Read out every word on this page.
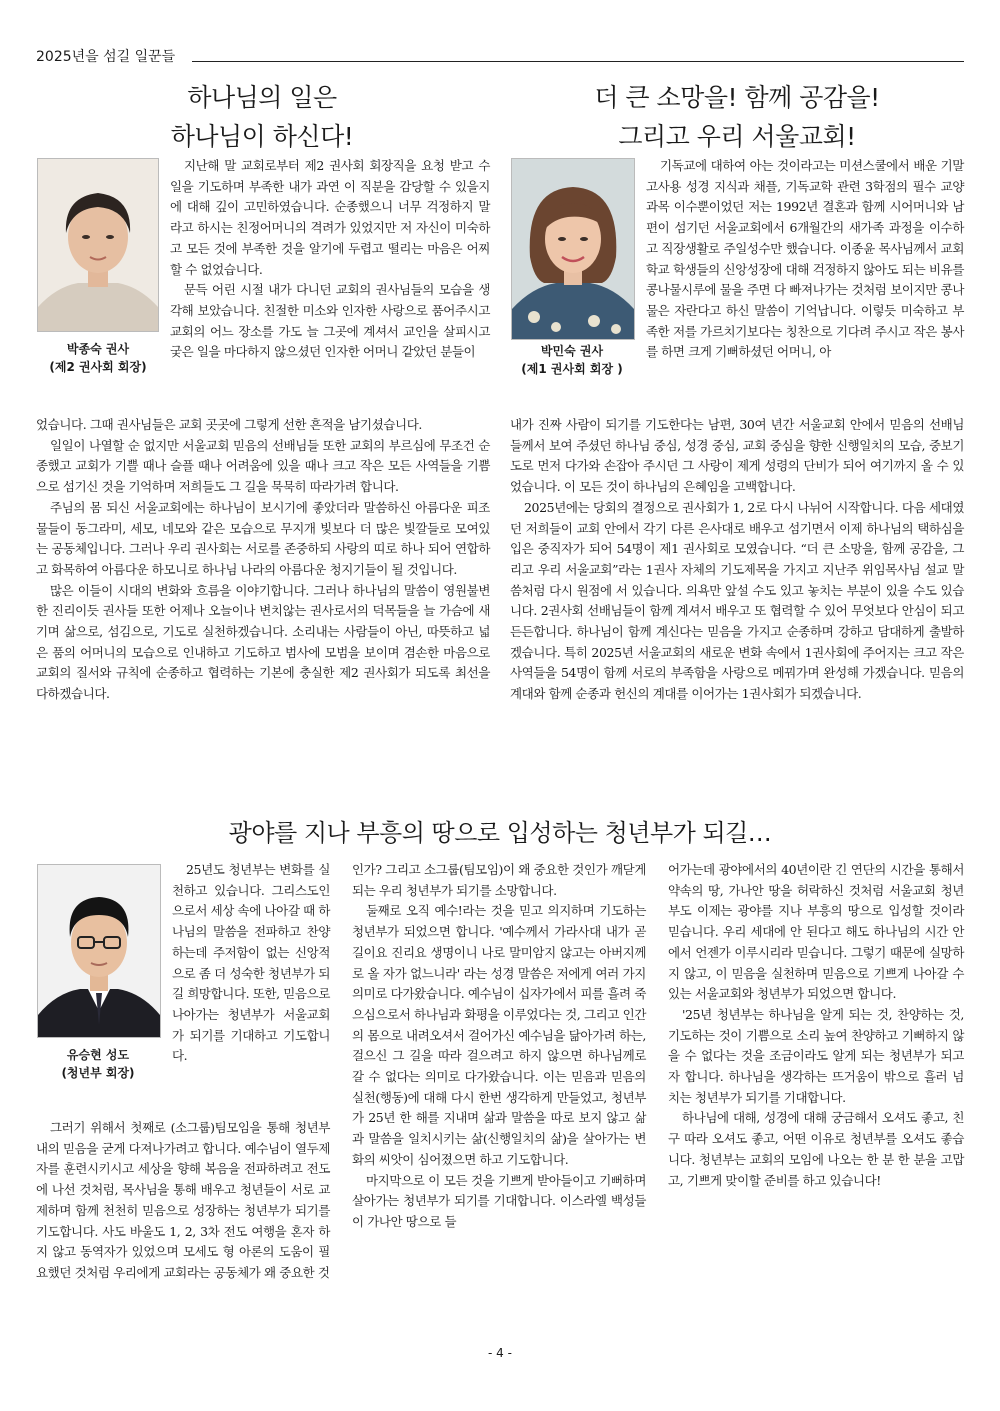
2025년을 섬길 일꾼들
하나님의 일은
하나님이 하신다!
박종숙 권사
(제2 권사회 회장)

지난해 말 교회로부터 제2 권사회 회장직을 요청 받고 수 일을 기도하며 부족한 내가 과연 이 직분을 감당할 수 있을지에 대해 깊이 고민하였습니다. 순종했으니 너무 걱정하지 말라고 하시는 친정어머니의 격려가 있었지만 저 자신이 미숙하고 모든 것에 부족한 것을 알기에 두렵고 떨리는 마음은 어찌할 수 없었습니다.

문득 어린 시절 내가 다니던 교회의 권사님들의 모습을 생각해 보았습니다. 친절한 미소와 인자한 사랑으로 품어주시고 교회의 어느 장소를 가도 늘 그곳에 계셔서 교인을 살피시고 궂은 일을 마다하지 않으셨던 인자한 어머니 같았던 분들이

었습니다. 그때 권사님들은 교회 곳곳에 그렇게 선한 흔적을 남기셨습니다.

일일이 나열할 순 없지만 서울교회 믿음의 선배님들 또한 교회의 부르심에 무조건 순종했고 교회가 기쁠 때나 슬플 때나 어려움에 있을 때나 크고 작은 모든 사역들을 기쁨으로 섬기신 것을 기억하며 저희들도 그 길을 묵묵히 따라가려 합니다.

주님의 몸 되신 서울교회에는 하나님이 보시기에 좋았더라 말씀하신 아름다운 피조물들이 동그라미, 세모, 네모와 같은 모습으로 무지개 빛보다 더 많은 빛깔들로 모여있는 공동체입니다. 그러나 우리 권사회는 서로를 존중하되 사랑의 띠로 하나 되어 연합하고 화목하여 아름다운 하모니로 하나님 나라의 아름다운 청지기들이 될 것입니다.

많은 이들이 시대의 변화와 흐름을 이야기합니다. 그러나 하나님의 말씀이 영원불변한 진리이듯 권사들 또한 어제나 오늘이나 변치않는 권사로서의 덕목들을 늘 가슴에 새기며 삶으로, 섬김으로, 기도로 실천하겠습니다. 소리내는 사람들이 아닌, 따뜻하고 넓은 품의 어머니의 모습으로 인내하고 기도하고 범사에 모범을 보이며 겸손한 마음으로 교회의 질서와 규칙에 순종하고 협력하는 기본에 충실한 제2 권사회가 되도록 최선을 다하겠습니다.

더 큰 소망을! 함께 공감을!
그리고 우리 서울교회!
박민숙 권사
(제1 권사회 회장 )

기독교에 대하여 아는 것이라고는 미션스쿨에서 배운 기말고사용 성경 지식과 채플, 기독교학 관련 3학점의 필수 교양과목 이수뿐이었던 저는 1992년 결혼과 함께 시어머니와 남편이 섬기던 서울교회에서 6개월간의 새가족 과정을 이수하고 직장생활로 주일성수만 했습니다. 이종윤 목사님께서 교회학교 학생들의 신앙성장에 대해 걱정하지 않아도 되는 비유를 콩나물시루에 물을 주면 다 빠져나가는 것처럼 보이지만 콩나물은 자란다고 하신 말씀이 기억납니다. 이렇듯 미숙하고 부족한 저를 가르치기보다는 칭찬으로 기다려 주시고 작은 봉사를 하면 크게 기뻐하셨던 어머니, 아

내가 진짜 사람이 되기를 기도한다는 남편, 30여 년간 서울교회 안에서 믿음의 선배님들께서 보여 주셨던 하나님 중심, 성경 중심, 교회 중심을 향한 신행일치의 모습, 중보기도로 먼저 다가와 손잡아 주시던 그 사랑이 제게 성령의 단비가 되어 여기까지 올 수 있었습니다. 이 모든 것이 하나님의 은혜임을 고백합니다.

2025년에는 당회의 결정으로 권사회가 1, 2로 다시 나뉘어 시작합니다. 다음 세대였던 저희들이 교회 안에서 각기 다른 은사대로 배우고 섬기면서 이제 하나님의 택하심을 입은 중직자가 되어 54명이 제1 권사회로 모였습니다. “더 큰 소망을, 함께 공감을, 그리고 우리 서울교회”라는 1권사 자체의 기도제목을 가지고 지난주 위임목사님 설교 말씀처럼 다시 원점에 서 있습니다. 의욕만 앞설 수도 있고 놓치는 부분이 있을 수도 있습니다. 2권사회 선배님들이 함께 계셔서 배우고 또 협력할 수 있어 무엇보다 안심이 되고 든든합니다. 하나님이 함께 계신다는 믿음을 가지고 순종하며 강하고 담대하게 출발하겠습니다. 특히 2025년 서울교회의 새로운 변화 속에서 1권사회에 주어지는 크고 작은 사역들을 54명이 함께 서로의 부족함을 사랑으로 메꿔가며 완성해 가겠습니다. 믿음의 계대와 함께 순종과 헌신의 계대를 이어가는 1권사회가 되겠습니다.

광야를 지나 부흥의 땅으로 입성하는 청년부가 되길…
유승현 성도
(청년부 회장)

25년도 청년부는 변화를 실천하고 있습니다. 그리스도인으로서 세상 속에 나아갈 때 하나님의 말씀을 전파하고 찬양하는데 주저함이 없는 신앙적으로 좀 더 성숙한 청년부가 되길 희망합니다. 또한, 믿음으로 나아가는 청년부가 서울교회가 되기를 기대하고 기도합니다.

그러기 위해서 첫째로 (소그룹)팀모임을 통해 청년부 내의 믿음을 굳게 다져나가려고 합니다. 예수님이 열두제자를 훈련시키시고 세상을 향해 복음을 전파하려고 전도에 나선 것처럼, 목사님을 통해 배우고 청년들이 서로 교제하며 함께 천천히 믿음으로 성장하는 청년부가 되기를 기도합니다. 사도 바울도 1, 2, 3차 전도 여행을 혼자 하지 않고 동역자가 있었으며 모세도 형 아론의 도움이 필요했던 것처럼 우리에게 교회라는 공동체가 왜 중요한 것

인가? 그리고 소그룹(팀모임)이 왜 중요한 것인가 깨닫게 되는 우리 청년부가 되기를 소망합니다.

둘째로 오직 예수!라는 것을 믿고 의지하며 기도하는 청년부가 되었으면 합니다. '예수께서 가라사대 내가 곧 길이요 진리요 생명이니 나로 말미암지 않고는 아버지께로 올 자가 없느니라' 라는 성경 말씀은 저에게 여러 가지 의미로 다가왔습니다. 예수님이 십자가에서 피를 흘려 죽으심으로서 하나님과 화평을 이루었다는 것, 그리고 인간의 몸으로 내려오셔서 걸어가신 예수님을 닮아가려 하는, 걸으신 그 길을 따라 걸으려고 하지 않으면 하나님께로 갈 수 없다는 의미로 다가왔습니다. 이는 믿음과 믿음의 실천(행동)에 대해 다시 한번 생각하게 만들었고, 청년부가 25년 한 해를 지내며 삶과 말씀을 따로 보지 않고 삶과 말씀을 일치시키는 삶(신행일치의 삶)을 살아가는 변화의 씨앗이 심어졌으면 하고 기도합니다.

마지막으로 이 모든 것을 기쁘게 받아들이고 기뻐하며 살아가는 청년부가 되기를 기대합니다. 이스라엘 백성들이 가나안 땅으로 들

어가는데 광야에서의 40년이란 긴 연단의 시간을 통해서 약속의 땅, 가나안 땅을 허락하신 것처럼 서울교회 청년부도 이제는 광야를 지나 부흥의 땅으로 입성할 것이라 믿습니다. 우리 세대에 안 된다고 해도 하나님의 시간 안에서 언젠가 이루시리라 믿습니다. 그렇기 때문에 실망하지 않고, 이 믿음을 실천하며 믿음으로 기쁘게 나아갈 수 있는 서울교회와 청년부가 되었으면 합니다.

'25년 청년부는 하나님을 알게 되는 것, 찬양하는 것, 기도하는 것이 기쁨으로 소리 높여 찬양하고 기뻐하지 않을 수 없다는 것을 조금이라도 알게 되는 청년부가 되고자 합니다. 하나님을 생각하는 뜨거움이 밖으로 흘러 넘치는 청년부가 되기를 기대합니다.

하나님에 대해, 성경에 대해 궁금해서 오셔도 좋고, 친구 따라 오셔도 좋고, 어떤 이유로 청년부를 오셔도 좋습니다. 청년부는 교회의 모임에 나오는 한 분 한 분을 고맙고, 기쁘게 맞이할 준비를 하고 있습니다!

- 4 -
